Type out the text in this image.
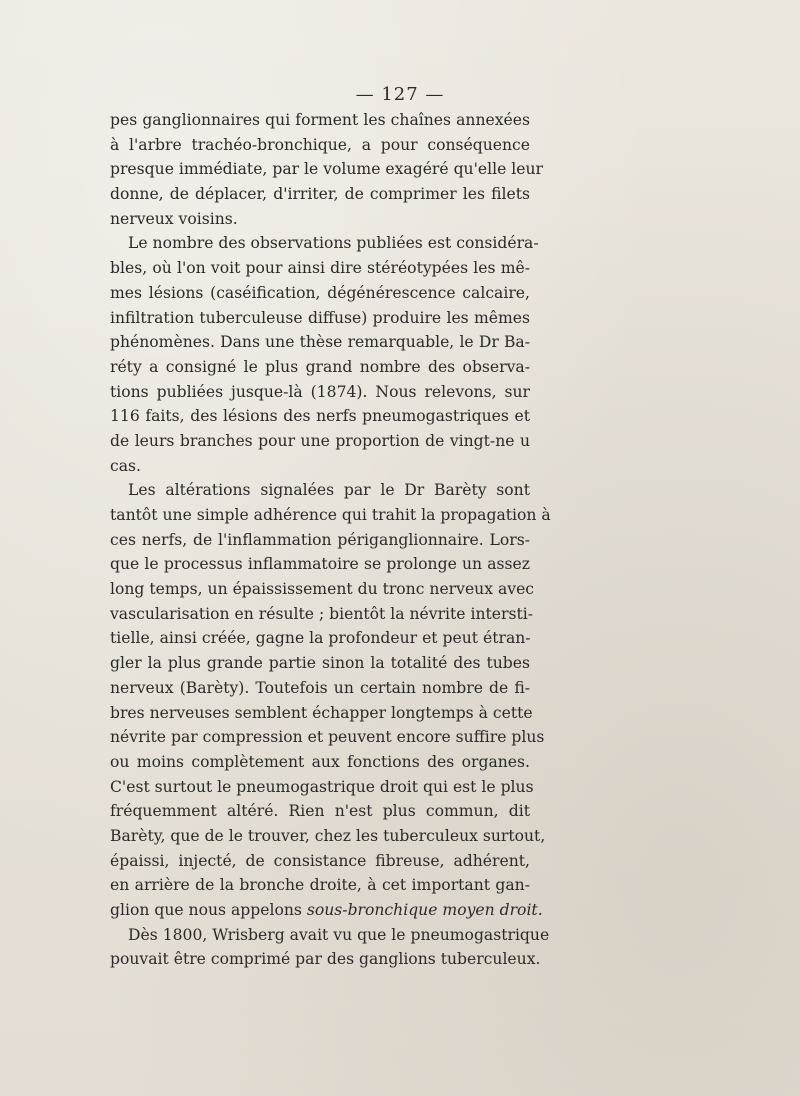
— 127 —
pes ganglionnaires qui forment les chaînes annexées
à l'arbre trachéo-bronchique, a pour conséquence
presque immédiate, par le volume exagéré qu'elle leur
donne, de déplacer, d'irriter, de comprimer les filets
nerveux voisins.
Le nombre des observations publiées est considéra-
bles, où l'on voit pour ainsi dire stéréotypées les mê-
mes lésions (caséification, dégénérescence calcaire,
infiltration tuberculeuse diffuse) produire les mêmes
phénomènes. Dans une thèse remarquable, le Dr Ba-
réty a consigné le plus grand nombre des observa-
tions publiées jusque-là (1874). Nous relevons, sur
116 faits, des lésions des nerfs pneumogastriques et
de leurs branches pour une proportion de vingt-ne u
cas.
Les altérations signalées par le Dr Barèty sont
tantôt une simple adhérence qui trahit la propagation à
ces nerfs, de l'inflammation périganglionnaire. Lors-
que le processus inflammatoire se prolonge un assez
long temps, un épaississement du tronc nerveux avec
vascularisation en résulte ; bientôt la névrite intersti-
tielle, ainsi créée, gagne la profondeur et peut étran-
gler la plus grande partie sinon la totalité des tubes
nerveux (Barèty). Toutefois un certain nombre de fi-
bres nerveuses semblent échapper longtemps à cette
névrite par compression et peuvent encore suffire plus
ou moins complètement aux fonctions des organes.
C'est surtout le pneumogastrique droit qui est le plus
fréquemment altéré. Rien n'est plus commun, dit
Barèty, que de le trouver, chez les tuberculeux surtout,
épaissi, injecté, de consistance fibreuse, adhérent,
en arrière de la bronche droite, à cet important gan-
glion que nous appelons sous-bronchique moyen droit.
Dès 1800, Wrisberg avait vu que le pneumogastrique
pouvait être comprimé par des ganglions tuberculeux.
